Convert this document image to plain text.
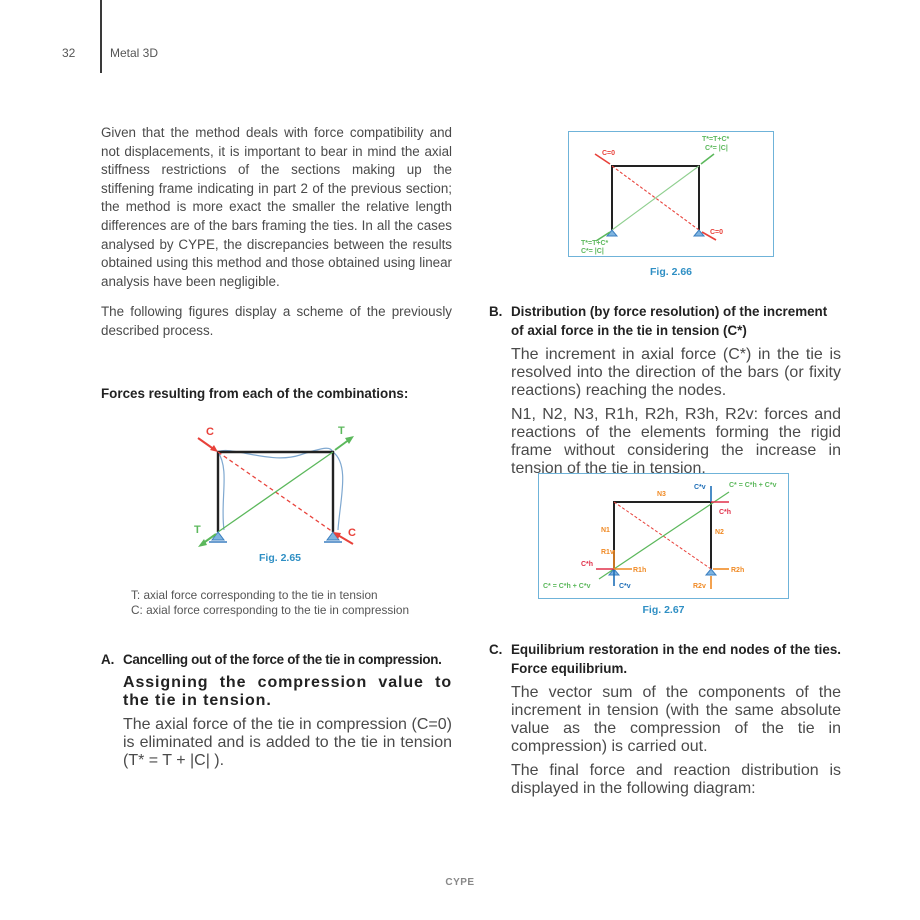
32	Metal 3D

Given that the method deals with force compatibility and not displacements, it is important to bear in mind the axial stiffness restrictions of the sections making up the stiffening frame indicating in part 2 of the previous section; the method is more exact the smaller the relative length differences are of the bars framing the ties. In all the cases analysed by CYPE, the discrepancies between the results obtained using this method and those obtained using linear analysis have been negligible.

The following figures display a scheme of the previously described process.

Forces resulting from each of the combinations:
C	T
T	C
Fig. 2.65
T: axial force corresponding to the tie in tension
C: axial force corresponding to the tie in compression
A. Cancelling out of the force of the tie in compression.
Assigning the compression value to the tie in tension.

The axial force of the tie in compression (C=0) is eliminated and is added to the tie in tension (T* = T + |C| ).

C=0
T*=T+C*
C*= |C|
C=0
T*=T+C*
C*= |C|
Fig. 2.66
B. Distribution (by force resolution) of the increment of axial force in the tie in tension (C*)

The increment in axial force (C*) in the tie is resolved into the direction of the bars (or fixity reactions) reaching the nodes.

N1, N2, N3, R1h, R2h, R3h, R2v: forces and reactions of the elements forming the rigid frame without considering the increase in tension of the tie in tension.

N3
N1	N2
C*v
C*h
C* = C*h + C*v
C*h
C*v
R1v
R1h	R2h
R2v
C* = C*h + C*v
Fig. 2.67
C. Equilibrium restoration in the end nodes of the ties. Force equilibrium.

The vector sum of the components of the increment in tension (with the same absolute value as the compression of the tie in compression) is carried out.

The final force and reaction distribution is displayed in the following diagram:

CYPE
